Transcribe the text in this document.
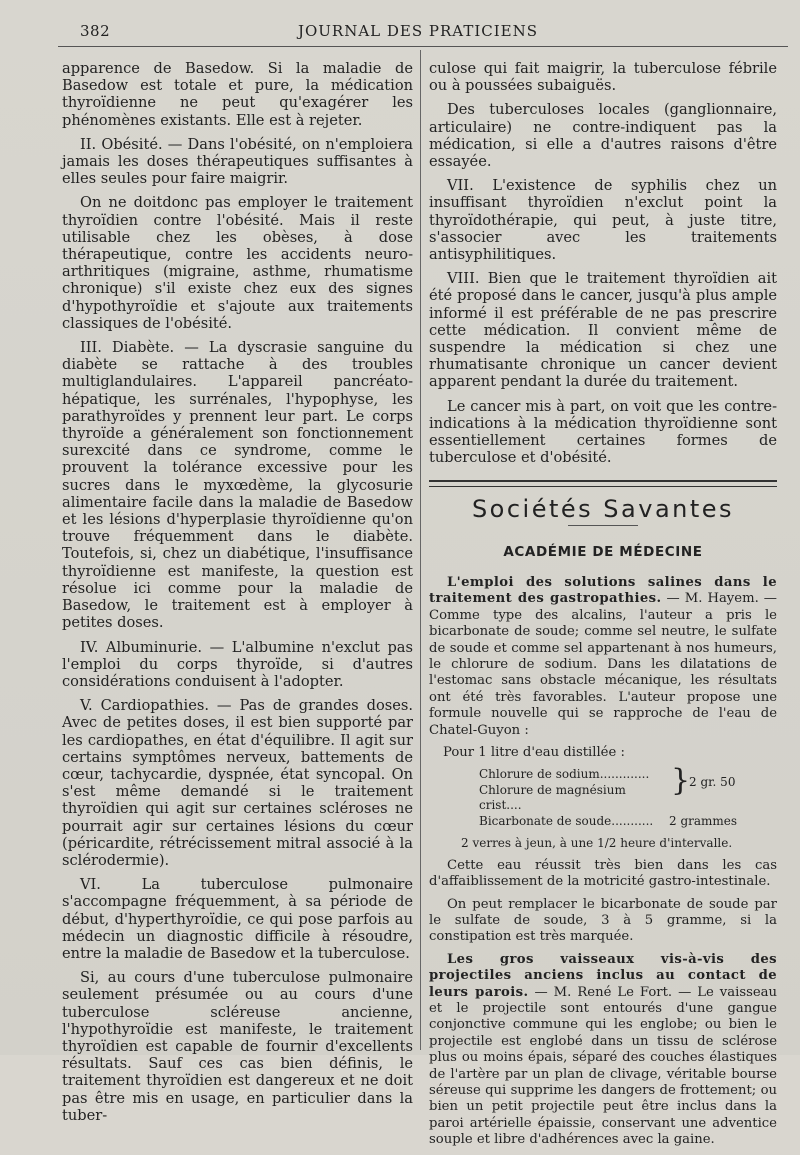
382	JOURNAL DES PRATICIENS

apparence de Basedow. Si la maladie de Basedow est totale et pure, la médication thyroïdienne ne peut qu'exagérer les phénomènes existants. Elle est à rejeter.

II. Obésité. — Dans l'obésité, on n'emploiera jamais les doses thérapeutiques suffisantes à elles seules pour faire maigrir.

On ne doitdonc pas employer le traitement thyroïdien contre l'obésité. Mais il reste utilisable chez les obèses, à dose thérapeutique, contre les accidents neuro-arthritiques (migraine, asthme, rhumatisme chronique) s'il existe chez eux des signes d'hypothyroïdie et s'ajoute aux traitements classiques de l'obésité.

III. Diabète. — La dyscrasie sanguine du diabète se rattache à des troubles multiglandulaires. L'appareil pancréato-hépatique, les surrénales, l'hypophyse, les parathyroïdes y prennent leur part. Le corps thyroïde a généralement son fonctionnement surexcité dans ce syndrome, comme le prouvent la tolérance excessive pour les sucres dans le myxœdème, la glycosurie alimentaire facile dans la maladie de Basedow et les lésions d'hyperplasie thyroïdienne qu'on trouve fréquemment dans le diabète. Toutefois, si, chez un diabétique, l'insuffisance thyroïdienne est manifeste, la question est résolue ici comme pour la maladie de Basedow, le traitement est à employer à petites doses.

IV. Albuminurie. — L'albumine n'exclut pas l'emploi du corps thyroïde, si d'autres considérations conduisent à l'adopter.

V. Cardiopathies. — Pas de grandes doses. Avec de petites doses, il est bien supporté par les cardiopathes, en état d'équilibre. Il agit sur certains symptômes nerveux, battements de cœur, tachycardie, dyspnée, état syncopal. On s'est même demandé si le traitement thyroïdien qui agit sur certaines scléroses ne pourrait agir sur certaines lésions du cœur (péricardite, rétrécissement mitral associé à la sclérodermie).

VI. La tuberculose pulmonaire s'accompagne fréquemment, à sa période de début, d'hyperthyroïdie, ce qui pose parfois au médecin un diagnostic difficile à résoudre, entre la maladie de Basedow et la tuberculose.

Si, au cours d'une tuberculose pulmonaire seulement présumée ou au cours d'une tuberculose scléreuse ancienne, l'hypothyroïdie est manifeste, le traitement thyroïdien est capable de fournir d'excellents résultats. Sauf ces cas bien définis, le traitement thyroïdien est dangereux et ne doit pas être mis en usage, en particulier dans la tuber-

culose qui fait maigrir, la tuberculose fébrile ou à poussées subaiguës.

Des tuberculoses locales (ganglionnaire, articulaire) ne contre-indiquent pas la médication, si elle a d'autres raisons d'être essayée.

VII. L'existence de syphilis chez un insuffisant thyroïdien n'exclut point la thyroïdothérapie, qui peut, à juste titre, s'associer avec les traitements antisyphilitiques.

VIII. Bien que le traitement thyroïdien ait été proposé dans le cancer, jusqu'à plus ample informé il est préférable de ne pas prescrire cette médication. Il convient même de suspendre la médication si chez une rhumatisante chronique un cancer devient apparent pendant la durée du traitement.

Le cancer mis à part, on voit que les contre-indications à la médication thyroïdienne sont essentiellement certaines formes de tuberculose et d'obésité.

Sociétés Savantes
ACADÉMIE DE MÉDECINE

L'emploi des solutions salines dans le traitement des gastropathies. — M. Hayem. — Comme type des alcalins, l'auteur a pris le bicarbonate de soude; comme sel neutre, le sulfate de soude et comme sel appartenant à nos humeurs, le chlorure de sodium. Dans les dilatations de l'estomac sans obstacle mécanique, les résultats ont été très favorables. L'auteur propose une formule nouvelle qui se rapproche de l'eau de Chatel-Guyon :

Pour 1 litre d'eau distillée :

Chlorure de sodium.............
Chlorure de magnésium crist....
Bicarbonate de soude...........	2 grammes
}
2 gr. 50

2 verres à jeun, à une 1/2 heure d'intervalle.

Cette eau réussit très bien dans les cas d'affaiblissement de la motricité gastro-intestinale.

On peut remplacer le bicarbonate de soude par le sulfate de soude, 3 à 5 gramme, si la constipation est très marquée.

Les gros vaisseaux vis-à-vis des projectiles anciens inclus au contact de leurs parois. — M. René Le Fort. — Le vaisseau et le projectile sont entourés d'une gangue conjonctive commune qui les englobe; ou bien le projectile est englobé dans un tissu de sclérose plus ou moins épais, séparé des couches élastiques de l'artère par un plan de clivage, véritable bourse séreuse qui supprime les dangers de frottement; ou bien un petit projectile peut être inclus dans la paroi artérielle épaissie, conservant une adventice souple et libre d'adhérences avec la gaine.
